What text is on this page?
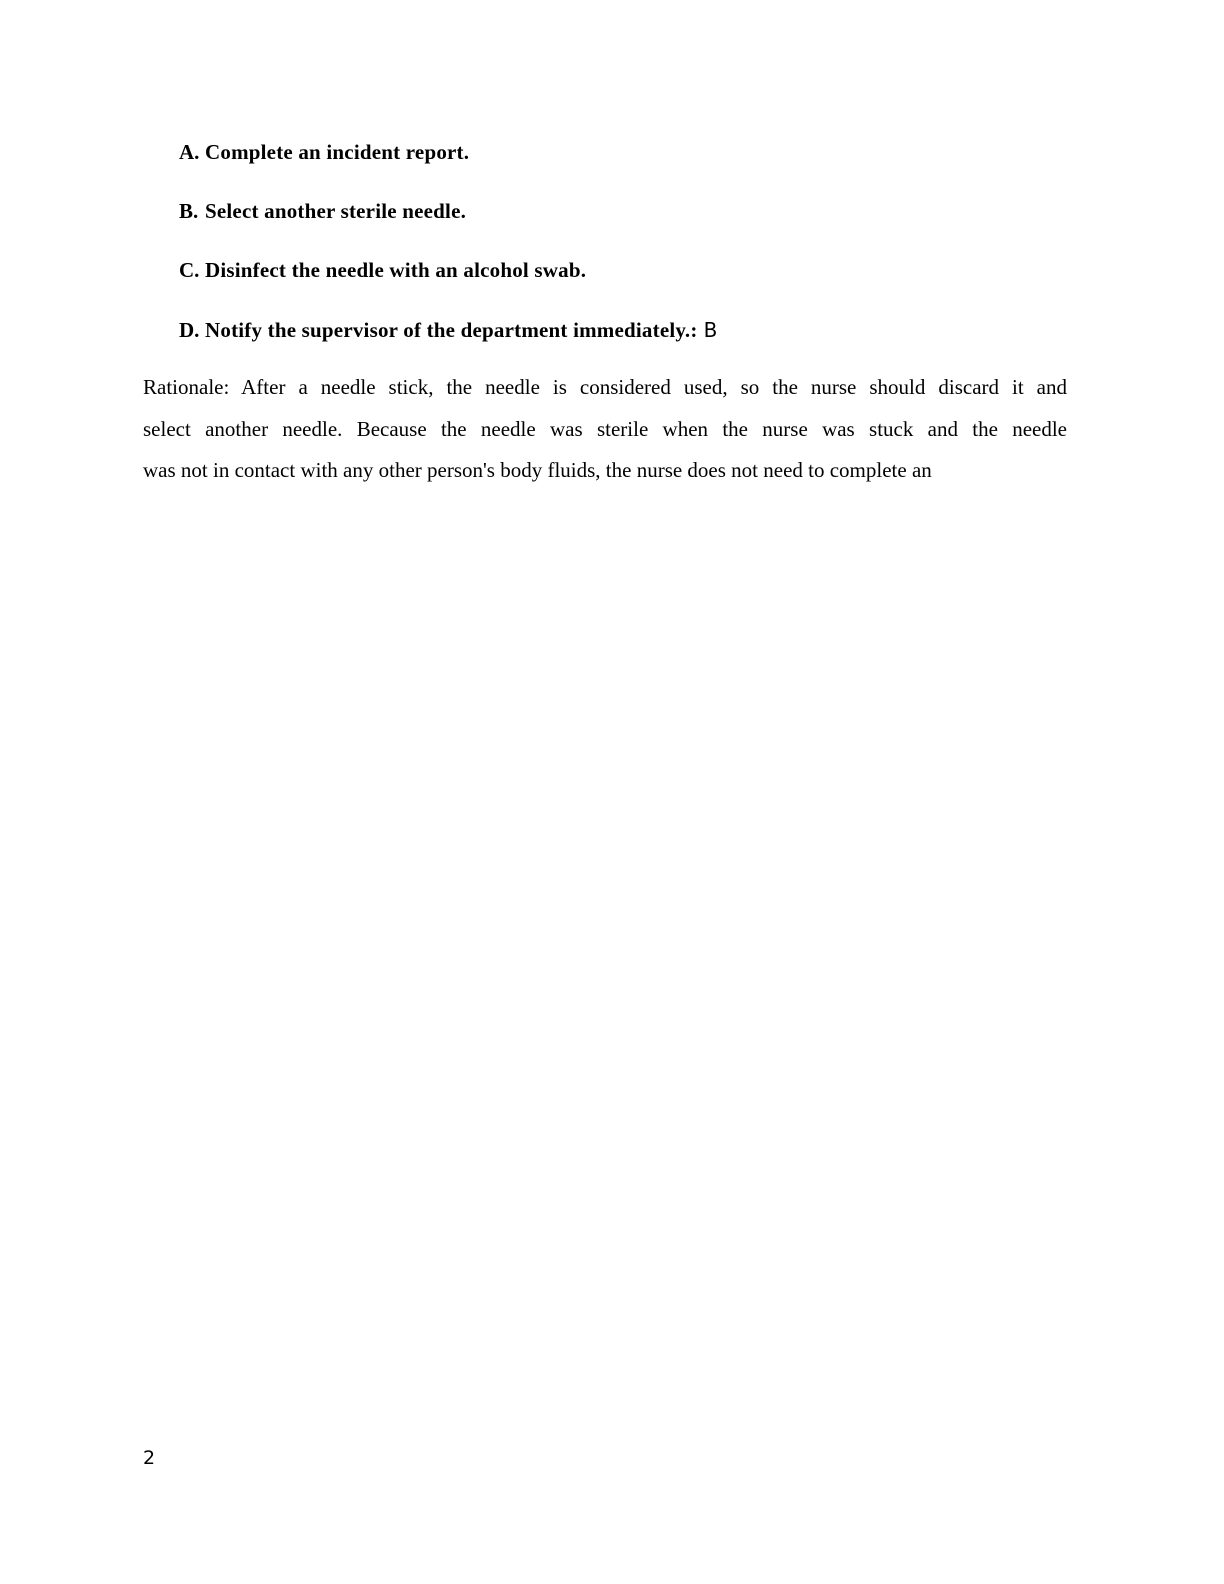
A. Complete an incident report.
B. Select another sterile needle.
C. Disinfect the needle with an alcohol swab.
D. Notify the supervisor of the department immediately.: B
Rationale: After a needle stick, the needle is considered used, so the nurse should discard it and
select another needle. Because the needle was sterile when the nurse was stuck and the needle
was not in contact with any other person's body fluids, the nurse does not need to complete an
2
